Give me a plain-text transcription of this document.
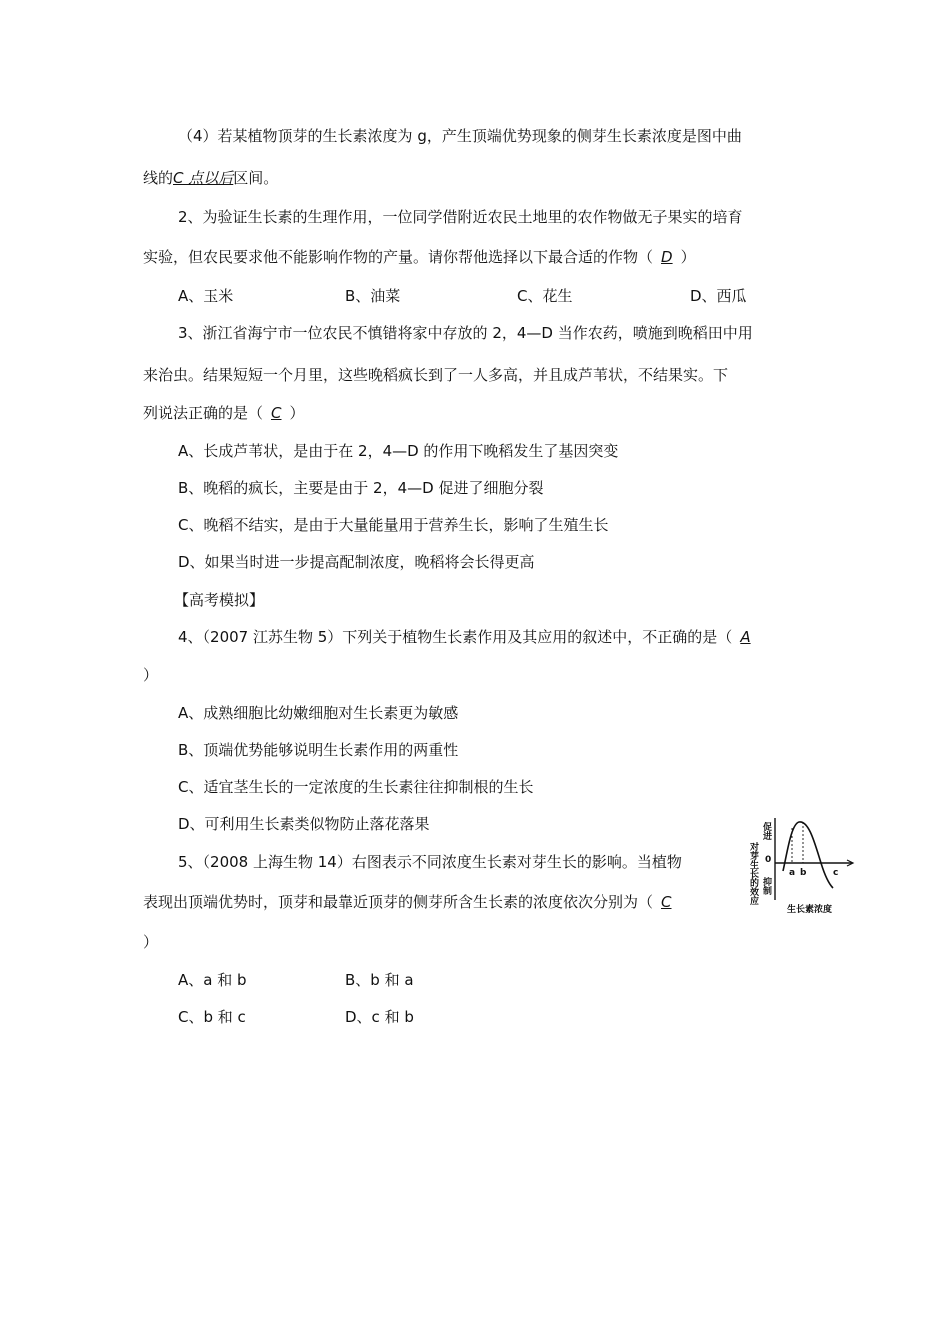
（4）若某植物顶芽的生长素浓度为 g，产生顶端优势现象的侧芽生长素浓度是图中曲
线的C 点以后区间。
2、为验证生长素的生理作用，一位同学借附近农民土地里的农作物做无子果实的培育
实验，但农民要求他不能影响作物的产量。请你帮他选择以下最合适的作物（ D ）
A、玉米	B、油菜	C、花生	D、西瓜
3、浙江省海宁市一位农民不慎错将家中存放的 2，4—D 当作农药，喷施到晚稻田中用
来治虫。结果短短一个月里，这些晚稻疯长到了一人多高，并且成芦苇状，不结果实。下
列说法正确的是（ C ）
A、长成芦苇状，是由于在 2，4—D 的作用下晚稻发生了基因突变
B、晚稻的疯长，主要是由于 2，4—D 促进了细胞分裂
C、晚稻不结实，是由于大量能量用于营养生长，影响了生殖生长
D、如果当时进一步提高配制浓度，晚稻将会长得更高
【高考模拟】
4、（2007 江苏生物 5）下列关于植物生长素作用及其应用的叙述中，不正确的是（ A
）
A、成熟细胞比幼嫩细胞对生长素更为敏感
B、顶端优势能够说明生长素作用的两重性
C、适宜茎生长的一定浓度的生长素往往抑制根的生长
D、可利用生长素类似物防止落花落果
5、（2008 上海生物 14）右图表示不同浓度生长素对芽生长的影响。当植物
表现出顶端优势时，顶芽和最靠近顶芽的侧芽所含生长素的浓度依次分别为（ C
）
A、a 和 b	B、b 和 a
C、b 和 c	D、c 和 b
对芽生长的效应
促进
抑制
0
a b	c
生长素浓度
